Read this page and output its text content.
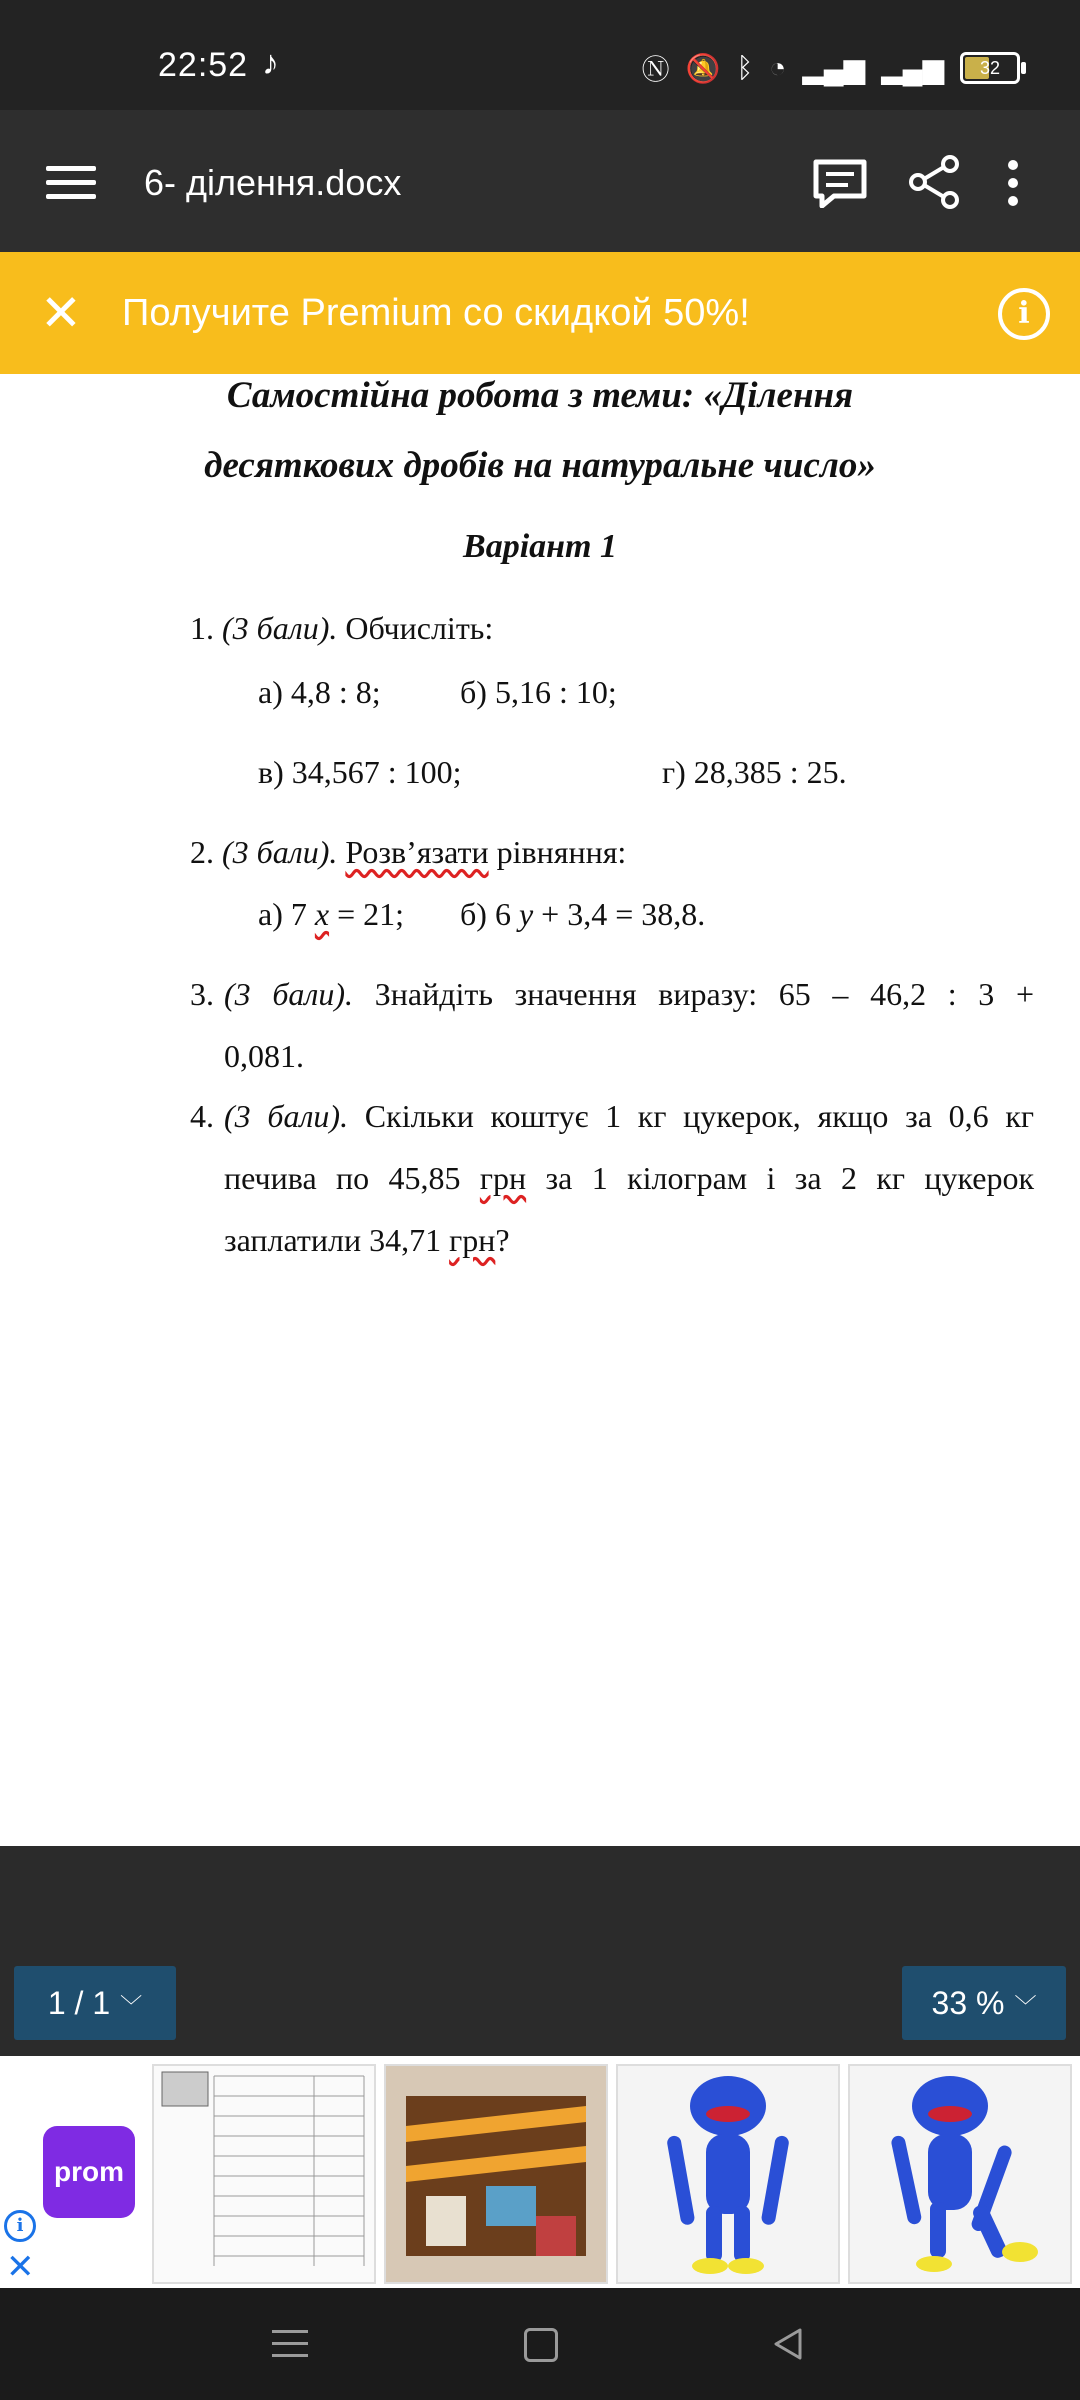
22:52 ♪	Ⓝ 🔕 ᛒ ◔ ▂▄▆ ▂▄▆	32
6- ділення.docx
✕ Получите Premium со скидкой 50%!	i
Самостійна робота з теми: «Ділення
десяткових дробів на натуральне число»
Варіант 1
1. (3 бали). Обчисліть:
а) 4,8 : 8; б) 5,16 : 10;
в) 34,567 : 100;	г) 28,385 : 25.
2. (3 бали). Розв’язати рівняння:
а) 7 x = 21; б) 6 y + 3,4 = 38,8.
3. (3 бали). Знайдіть значення виразу: 65 – 46,2 : 3 +
0,081.
4. (3 бали). Скільки коштує 1 кг цукерок, якщо за 0,6 кг
печива по 45,85 грн за 1 кілограм і за 2 кг цукерок
заплатили 34,71 грн?
1 / 1 ﹀	33 % ﹀
prom
i
✕
